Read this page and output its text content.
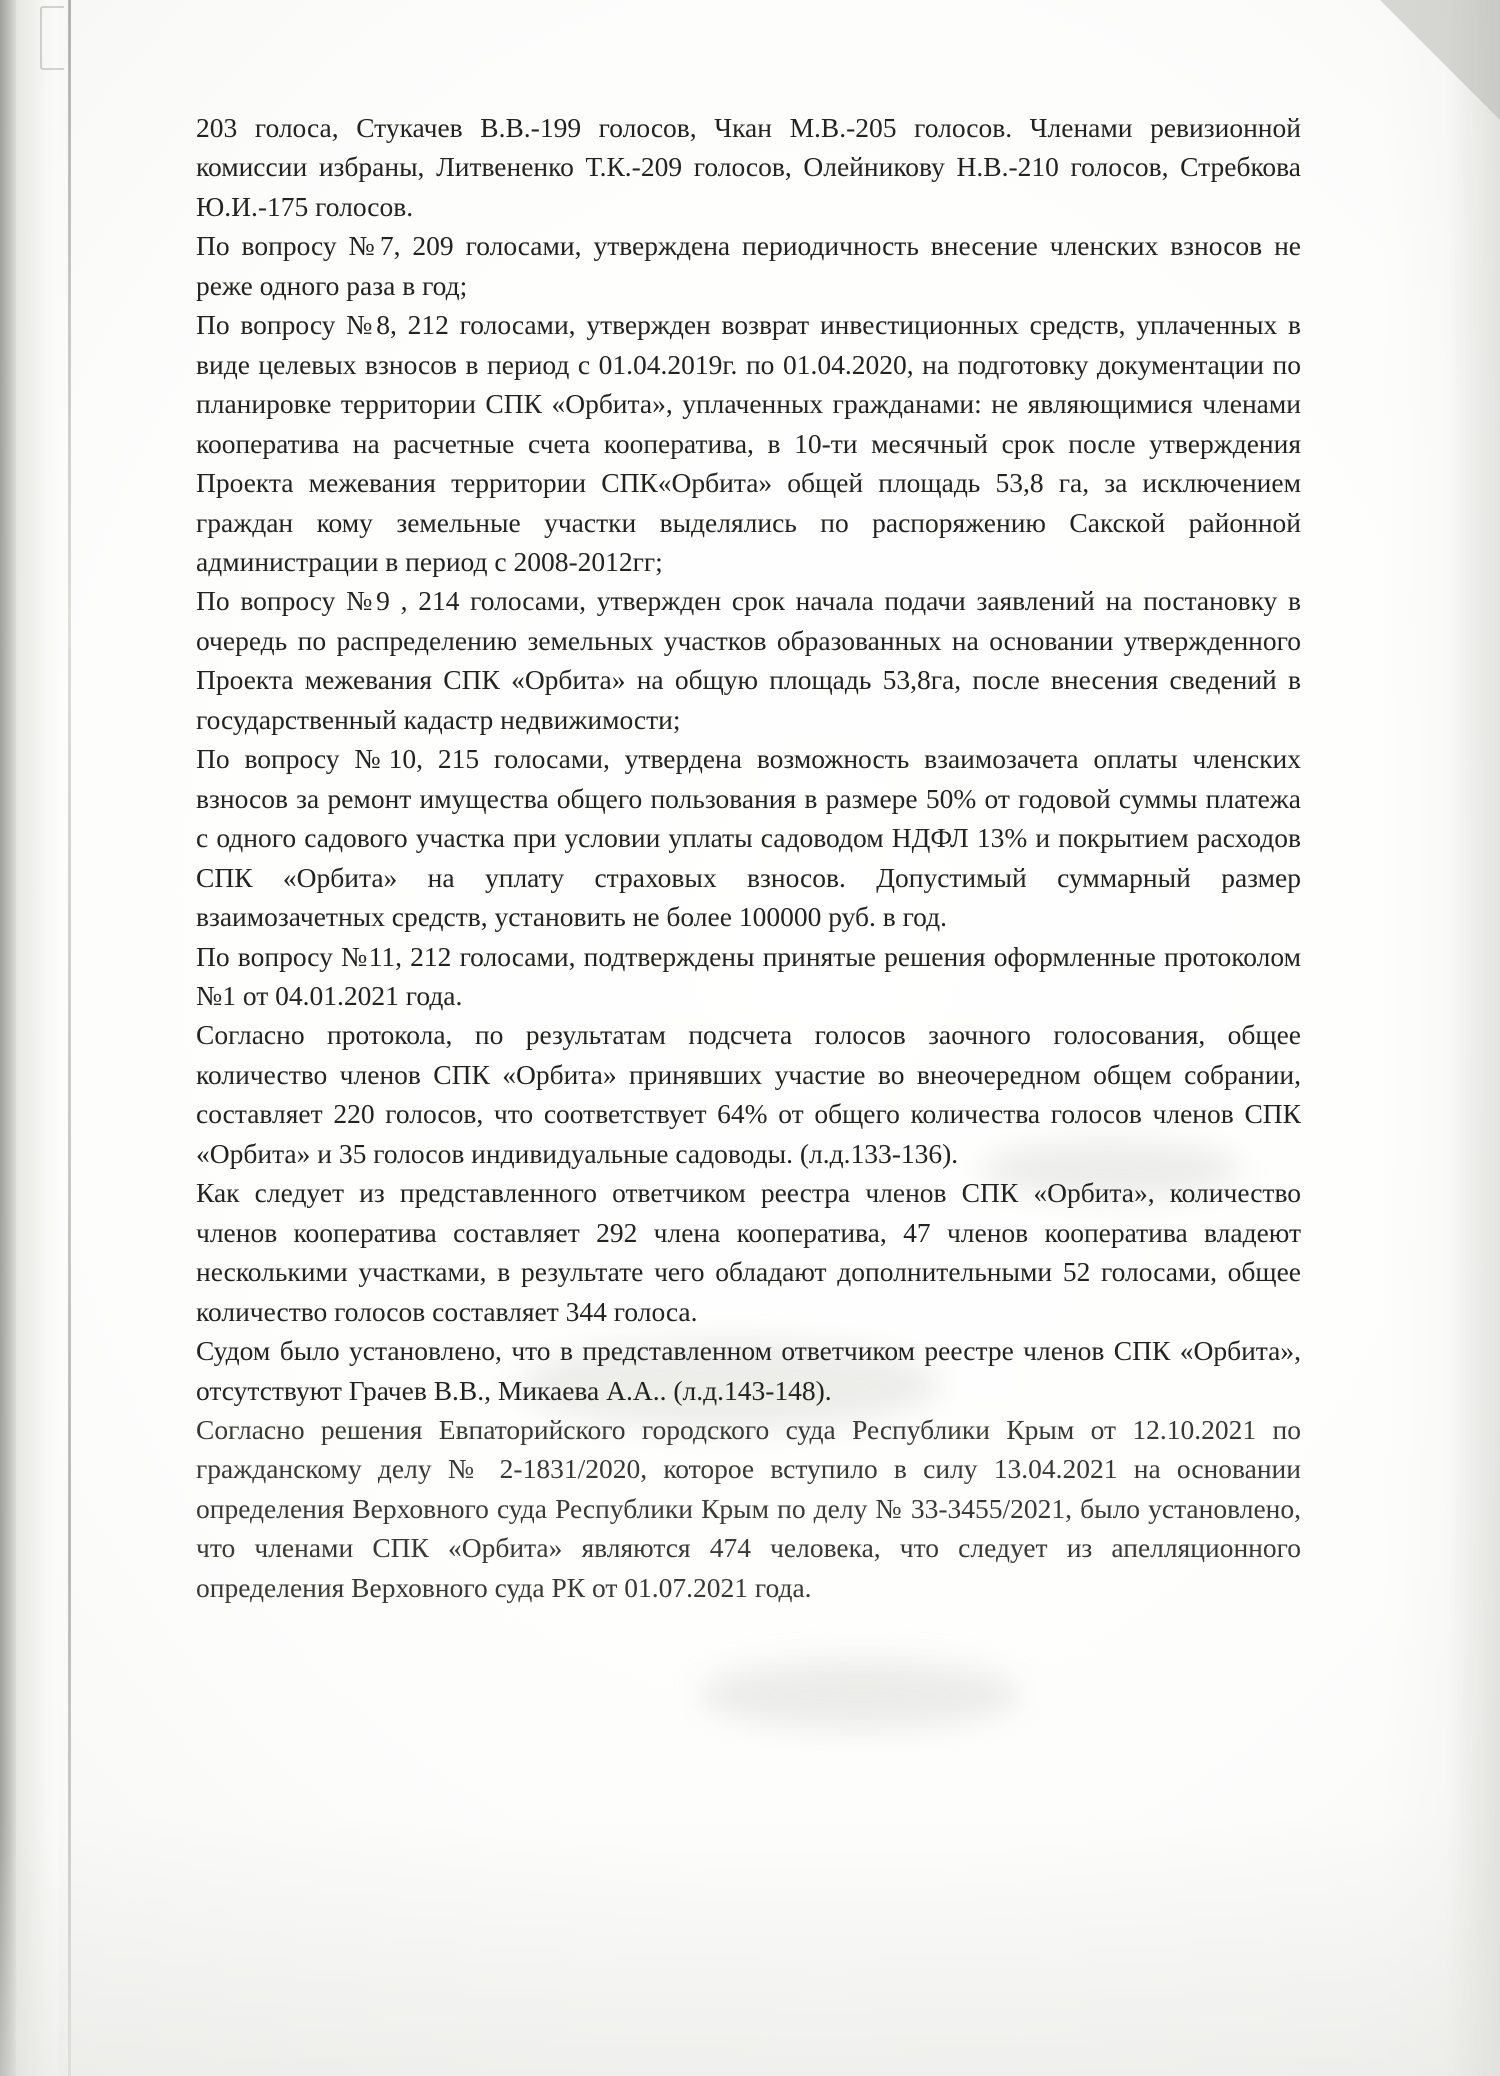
203 голоса, Стукачев В.В.-199 голосов, Чкан М.В.-205 голосов. Членами ревизионной комиссии избраны, Литвененко Т.К.-209 голосов, Олейникову Н.В.-210 голосов, Стребкова Ю.И.-175 голосов.

По вопросу №7, 209 голосами, утверждена периодичность внесение членских взносов не реже одного раза в год;

По вопросу №8, 212 голосами, утвержден возврат инвестиционных средств, уплаченных в виде целевых взносов в период с 01.04.2019г. по 01.04.2020, на подготовку документации по планировке территории СПК «Орбита», уплаченных гражданами: не являющимися членами кооператива на расчетные счета кооператива, в 10-ти месячный срок после утверждения Проекта межевания территории СПК«Орбита» общей площадь 53,8 га, за исключением граждан кому земельные участки выделялись по распоряжению Сакской районной администрации в период с 2008-2012гг;

По вопросу №9 , 214 голосами, утвержден срок начала подачи заявлений на постановку в очередь по распределению земельных участков образованных на основании утвержденного Проекта межевания СПК «Орбита» на общую площадь 53,8га, после внесения сведений в государственный кадастр недвижимости;

По вопросу №10, 215 голосами, утвердена возможность взаимозачета оплаты членских взносов за ремонт имущества общего пользования в размере 50% от годовой суммы платежа с одного садового участка при условии уплаты садоводом НДФЛ 13% и покрытием расходов СПК «Орбита» на уплату страховых взносов. Допустимый суммарный размер взаимозачетных средств, установить не более 100000 руб. в год.

По вопросу №11, 212 голосами, подтверждены принятые решения оформленные протоколом №1 от 04.01.2021 года.

Согласно протокола, по результатам подсчета голосов заочного голосования, общее количество членов СПК «Орбита» принявших участие во внеочередном общем собрании, составляет 220 голосов, что соответствует 64% от общего количества голосов членов СПК «Орбита» и 35 голосов индивидуальные садоводы. (л.д.133-136).

Как следует из представленного ответчиком реестра членов СПК «Орбита», количество членов кооператива составляет 292 члена кооператива, 47 членов кооператива владеют несколькими участками, в результате чего обладают дополнительными 52 голосами, общее количество голосов составляет 344 голоса.

Судом было установлено, что в представленном ответчиком реестре членов СПК «Орбита», отсутствуют Грачев В.В., Микаева А.А.. (л.д.143-148).

Согласно решения Евпаторийского городского суда Республики Крым от 12.10.2021 по гражданскому делу № 2-1831/2020, которое вступило в силу 13.04.2021 на основании определения Верховного суда Республики Крым по делу № 33-3455/2021, было установлено, что членами СПК «Орбита» являются 474 человека, что следует из апелляционного определения Верховного суда РК от 01.07.2021 года.
